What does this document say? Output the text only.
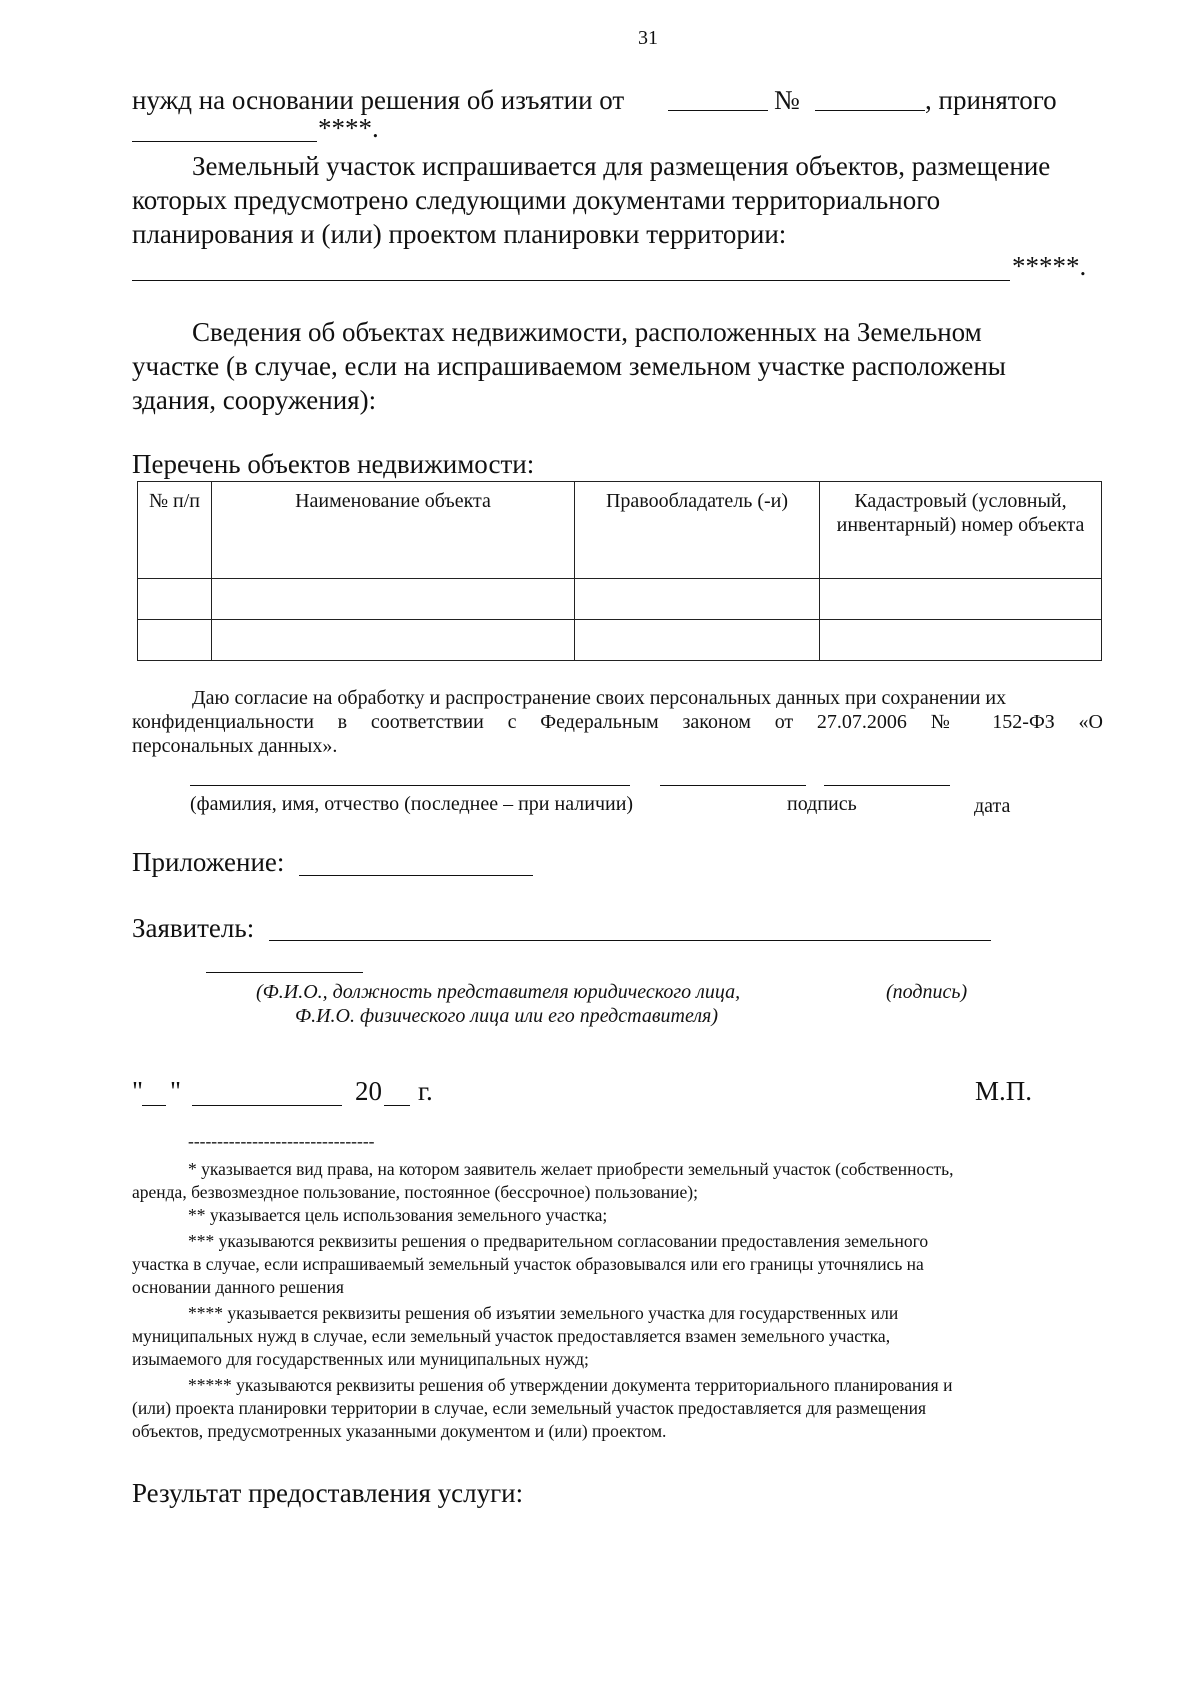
31
нужд на основании решения об изъятии от	№	, принятого
****.
Земельный участок испрашивается для размещения объектов, размещение
которых предусмотрено следующими документами территориального
планирования и (или) проектом планировки территории:
*****.
Сведения об объектах недвижимости, расположенных на Земельном
участке (в случае, если на испрашиваемом земельном участке расположены
здания, сооружения):
Перечень объектов недвижимости:
№ п/п	Наименование объекта	Правообладатель (-и)	Кадастровый (условный, инвентарный) номер объекта

Даю согласие на обработку и распространение своих персональных данных при сохранении их
конфиденциальности в соответствии с Федеральным законом от 27.07.2006 № 152-ФЗ «О
персональных данных».
(фамилия, имя, отчество (последнее – при наличии)	подпись	дата
Приложение:
Заявитель:
(Ф.И.О., должность представителя юридического лица,
Ф.И.О. физического лица или его представителя)
(подпись)
" "	20 г.	М.П.
--------------------------------
* указывается вид права, на котором заявитель желает приобрести земельный участок (собственность,
аренда, безвозмездное пользование, постоянное (бессрочное) пользование);
** указывается цель использования земельного участка;
*** указываются реквизиты решения о предварительном согласовании предоставления земельного
участка в случае, если испрашиваемый земельный участок образовывался или его границы уточнялись на
основании данного решения
**** указывается реквизиты решения об изъятии земельного участка для государственных или
муниципальных нужд в случае, если земельный участок предоставляется взамен земельного участка,
изымаемого для государственных или муниципальных нужд;
***** указываются реквизиты решения об утверждении документа территориального планирования и
(или) проекта планировки территории в случае, если земельный участок предоставляется для размещения
объектов, предусмотренных указанными документом и (или) проектом.
Результат предоставления услуги:
